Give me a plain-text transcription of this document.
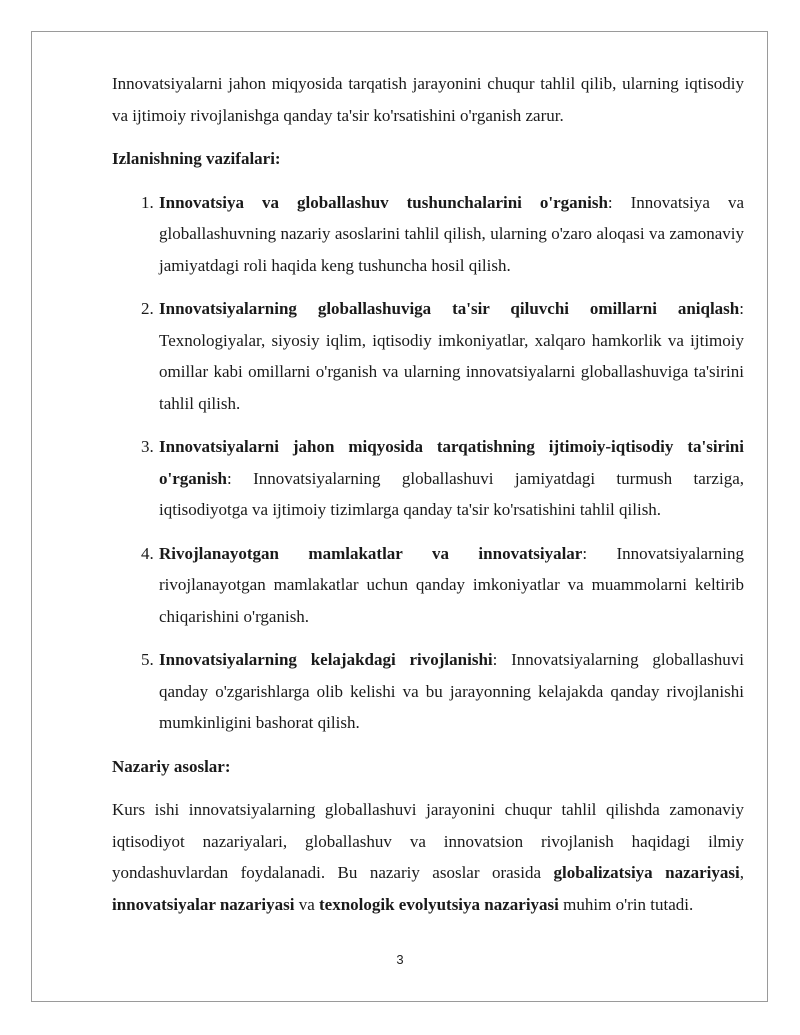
Innovatsiyalarni jahon miqyosida tarqatish jarayonini chuqur tahlil qilib, ularning iqtisodiy va ijtimoiy rivojlanishga qanday ta'sir ko'rsatishini o'rganish zarur.

Izlanishning vazifalari:

1. Innovatsiya va globallashuv tushunchalarini o'rganish: Innovatsiya va globallashuvning nazariy asoslarini tahlil qilish, ularning o'zaro aloqasi va zamonaviy jamiyatdagi roli haqida keng tushuncha hosil qilish.
2. Innovatsiyalarning globallashuviga ta'sir qiluvchi omillarni aniqlash: Texnologiyalar, siyosiy iqlim, iqtisodiy imkoniyatlar, xalqaro hamkorlik va ijtimoiy omillar kabi omillarni o'rganish va ularning innovatsiyalarni globallashuviga ta'sirini tahlil qilish.
3. Innovatsiyalarni jahon miqyosida tarqatishning ijtimoiy-iqtisodiy ta'sirini o'rganish: Innovatsiyalarning globallashuvi jamiyatdagi turmush tarziga, iqtisodiyotga va ijtimoiy tizimlarga qanday ta'sir ko'rsatishini tahlil qilish.
4. Rivojlanayotgan mamlakatlar va innovatsiyalar: Innovatsiyalarning rivojlanayotgan mamlakatlar uchun qanday imkoniyatlar va muammolarni keltirib chiqarishini o'rganish.
5. Innovatsiyalarning kelajakdagi rivojlanishi: Innovatsiyalarning globallashuvi qanday o'zgarishlarga olib kelishi va bu jarayonning kelajakda qanday rivojlanishi mumkinligini bashorat qilish.

Nazariy asoslar:

Kurs ishi innovatsiyalarning globallashuvi jarayonini chuqur tahlil qilishda zamonaviy iqtisodiyot nazariyalari, globallashuv va innovatsion rivojlanish haqidagi ilmiy yondashuvlardan foydalanadi. Bu nazariy asoslar orasida globalizatsiya nazariyasi, innovatsiyalar nazariyasi va texnologik evolyutsiya nazariyasi muhim o'rin tutadi.

3
